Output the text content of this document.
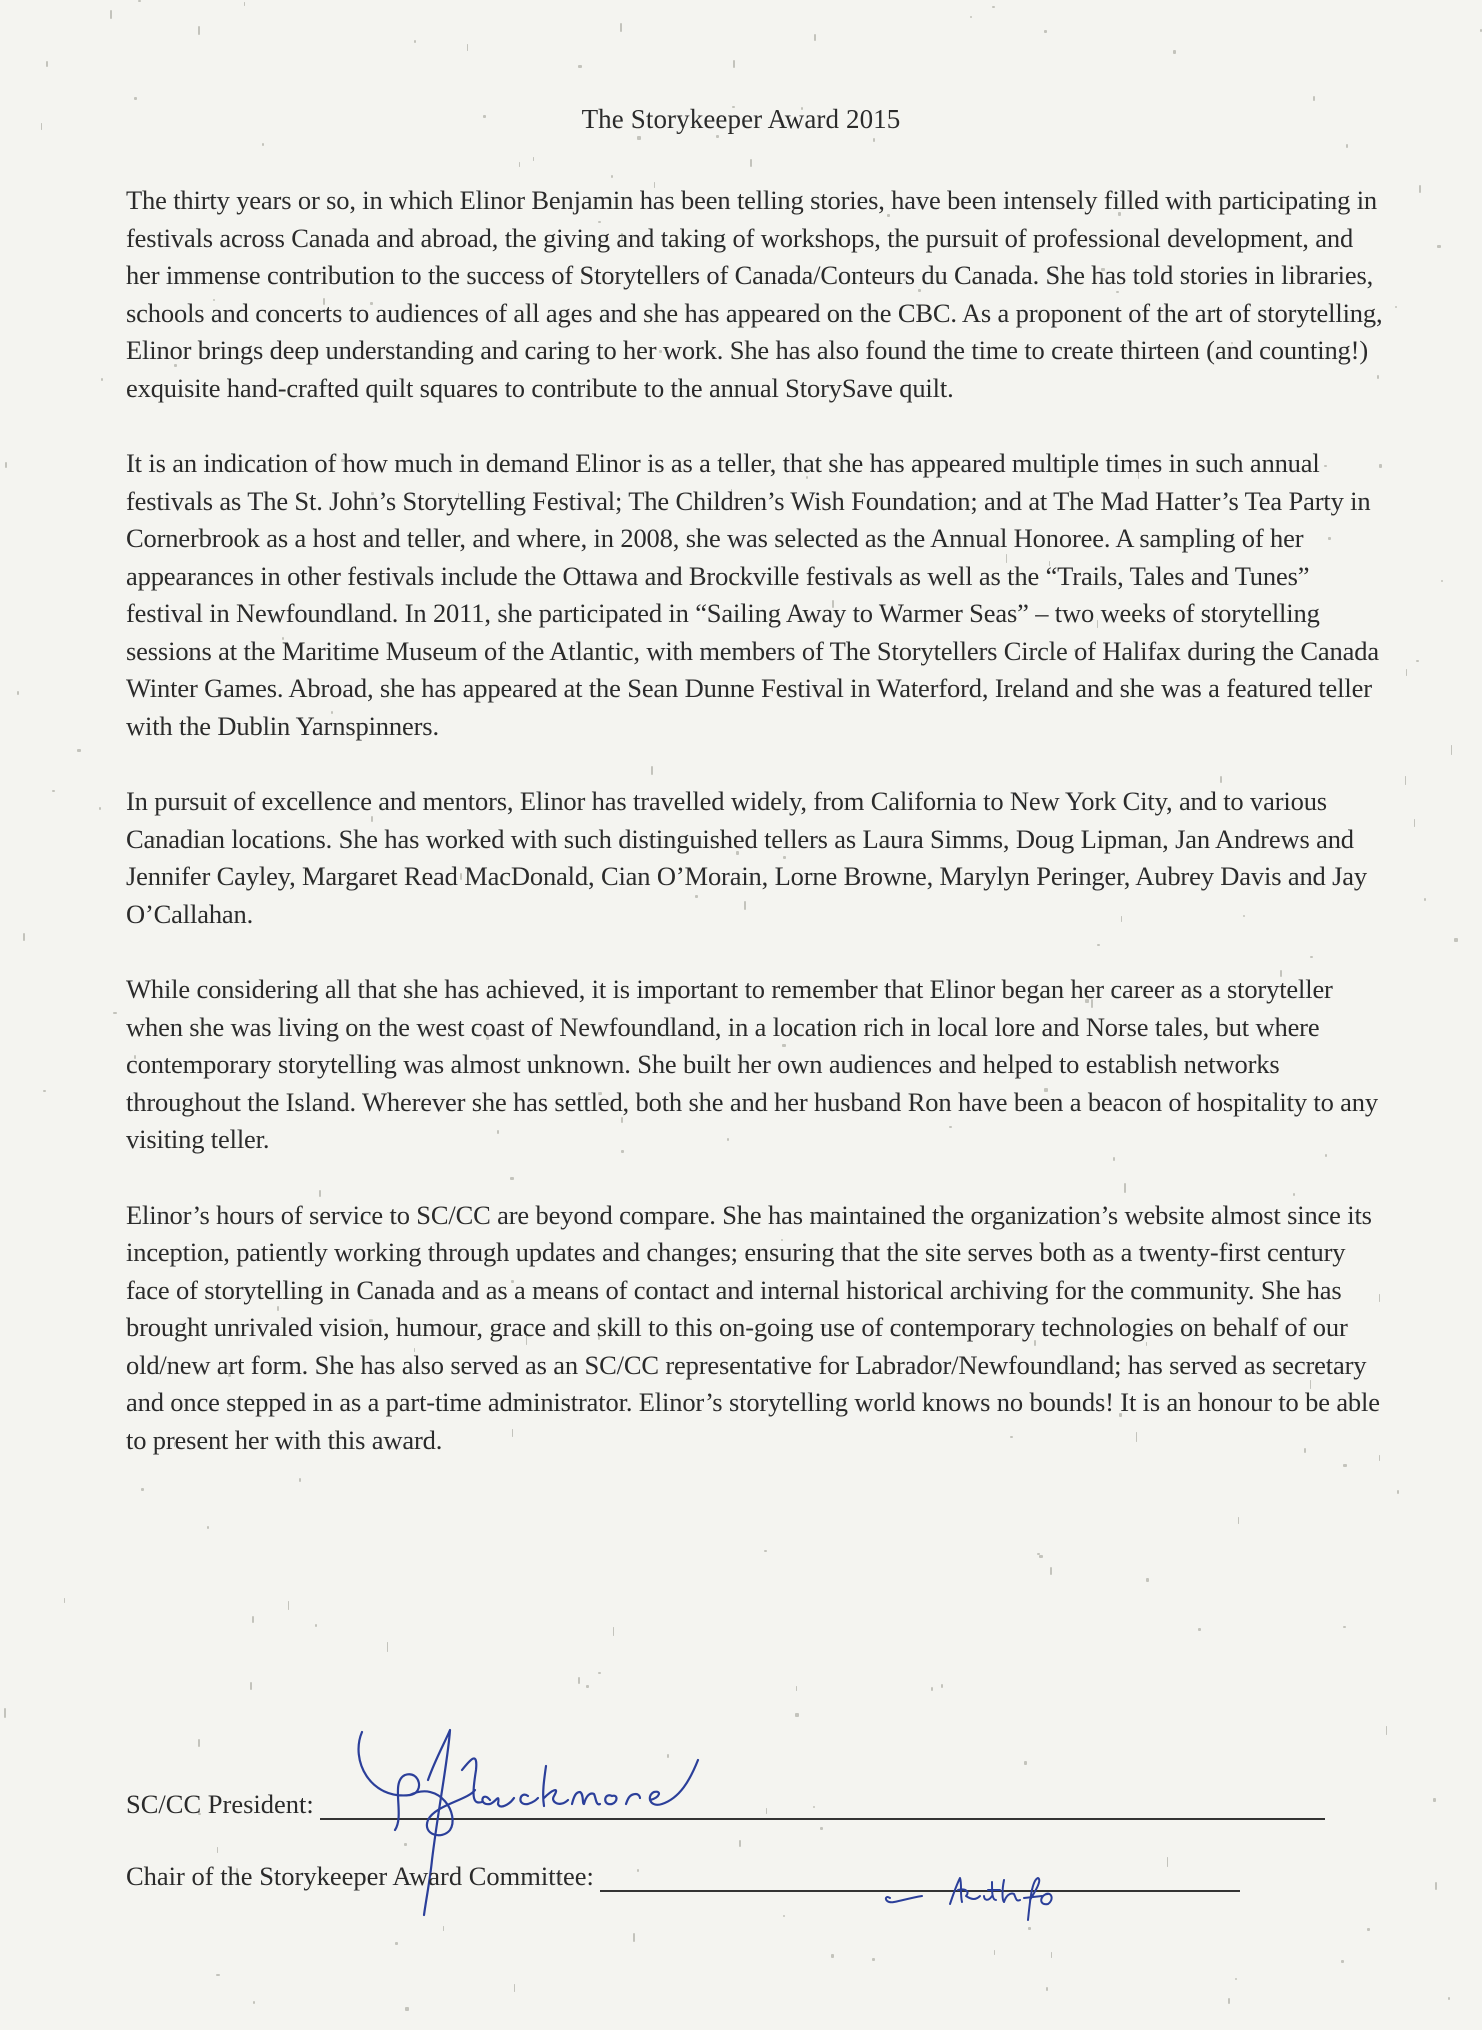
The Storykeeper Award 2015

The thirty years or so, in which Elinor Benjamin has been telling stories, have been intensely filled with participating in festivals across Canada and abroad, the giving and taking of workshops, the pursuit of professional development, and her immense contribution to the success of Storytellers of Canada/Conteurs du Canada. She has told stories in libraries, schools and concerts to audiences of all ages and she has appeared on the CBC. As a proponent of the art of storytelling, Elinor brings deep understanding and caring to her work. She has also found the time to create thirteen (and counting!) exquisite hand-crafted quilt squares to contribute to the annual StorySave quilt.

It is an indication of how much in demand Elinor is as a teller, that she has appeared multiple times in such annual festivals as The St. John’s Storytelling Festival; The Children’s Wish Foundation; and at The Mad Hatter’s Tea Party in Cornerbrook as a host and teller, and where, in 2008, she was selected as the Annual Honoree. A sampling of her appearances in other festivals include the Ottawa and Brockville festivals as well as the “Trails, Tales and Tunes” festival in Newfoundland. In 2011, she participated in “Sailing Away to Warmer Seas” – two weeks of storytelling sessions at the Maritime Museum of the Atlantic, with members of The Storytellers Circle of Halifax during the Canada Winter Games. Abroad, she has appeared at the Sean Dunne Festival in Waterford, Ireland and she was a featured teller with the Dublin Yarnspinners.

In pursuit of excellence and mentors, Elinor has travelled widely, from California to New York City, and to various Canadian locations. She has worked with such distinguished tellers as Laura Simms, Doug Lipman, Jan Andrews and Jennifer Cayley, Margaret Read MacDonald, Cian O’Morain, Lorne Browne, Marylyn Peringer, Aubrey Davis and Jay O’Callahan.

While considering all that she has achieved, it is important to remember that Elinor began her career as a storyteller when she was living on the west coast of Newfoundland, in a location rich in local lore and Norse tales, but where contemporary storytelling was almost unknown. She built her own audiences and helped to establish networks throughout the Island. Wherever she has settled, both she and her husband Ron have been a beacon of hospitality to any visiting teller.

Elinor’s hours of service to SC/CC are beyond compare. She has maintained the organization’s website almost since its inception, patiently working through updates and changes; ensuring that the site serves both as a twenty-first century face of storytelling in Canada and as a means of contact and internal historical archiving for the community. She has brought unrivaled vision, humour, grace and skill to this on-going use of contemporary technologies on behalf of our old/new art form. She has also served as an SC/CC representative for Labrador/Newfoundland; has served as secretary and once stepped in as a part-time administrator. Elinor’s storytelling world knows no bounds! It is an honour to be able to present her with this award.

SC/CC President:
Chair of the Storykeeper Award Committee:
